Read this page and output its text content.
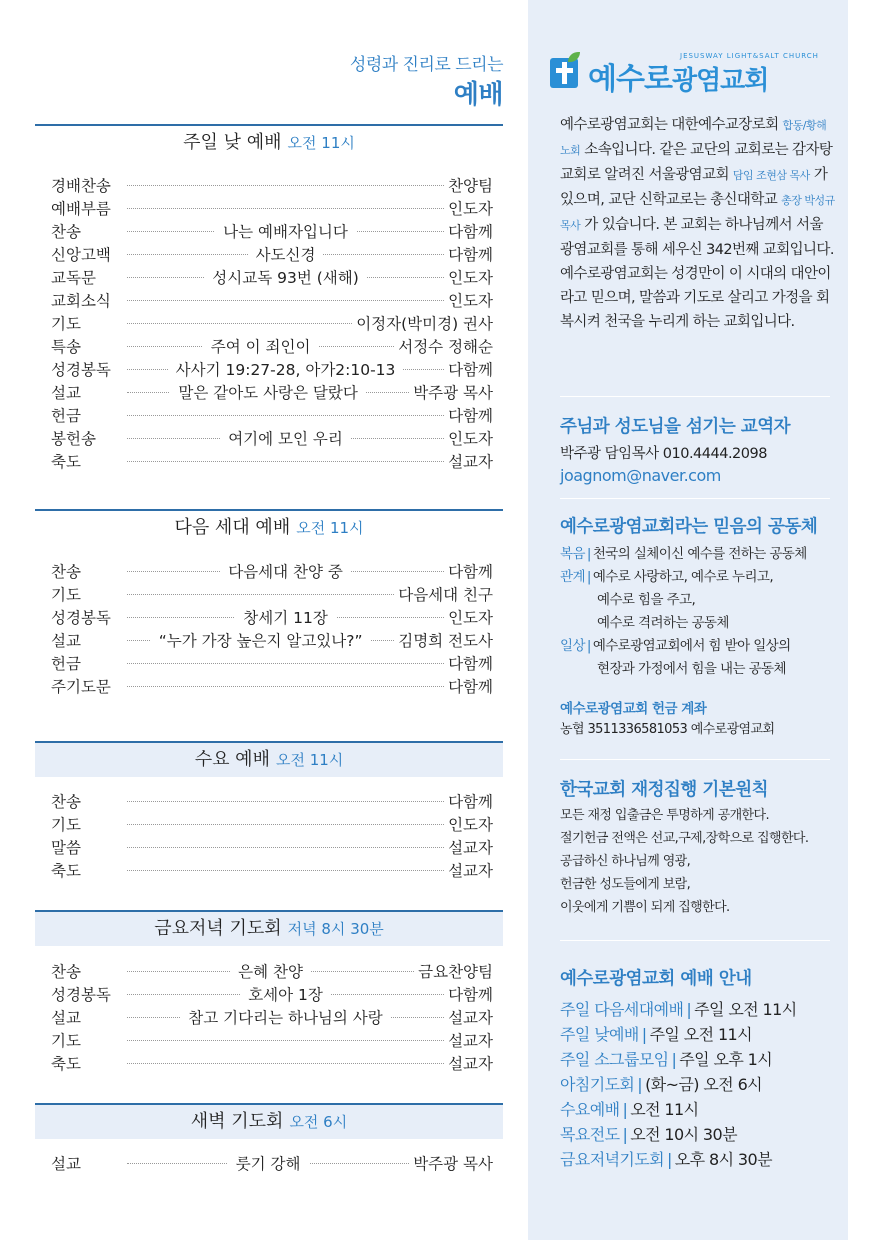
성령과 진리로 드리는
예배
주일 낮 예배 오전 11시
경배찬송	찬양팀
예배부름	인도자
찬송	나는 예배자입니다	다함께
신앙고백	사도신경	다함께
교독문	성시교독 93번 (새해)	인도자
교회소식	인도자
기도	이정자(박미경) 권사
특송	주여 이 죄인이	서정수 정해순
성경봉독	사사기 19:27-28, 아가2:10-13	다함께
설교	말은 같아도 사랑은 달랐다	박주광 목사
헌금	다함께
봉헌송	여기에 모인 우리	인도자
축도	설교자
다음 세대 예배 오전 11시
찬송	다음세대 찬양 중	다함께
기도	다음세대 친구
성경봉독	창세기 11장	인도자
설교	“누가 가장 높은지 알고있나?”	김명희 전도사
헌금	다함께
주기도문	다함께
수요 예배 오전 11시
찬송	다함께
기도	인도자
말씀	설교자
축도	설교자
금요저녁 기도회 저녁 8시 30분
찬송	은혜 찬양	금요찬양팀
성경봉독	호세아 1장	다함께
설교	참고 기다리는 하나님의 사랑	설교자
기도	설교자
축도	설교자
새벽 기도회 오전 6시
설교	룻기 강해	박주광 목사
예수로광염교회
JESUSWAY LIGHT&SALT CHURCH
예수로광염교회는 대한예수교장로회 합동/황해노회 소속입니다. 같은 교단의 교회로는 감자탕교회로 알려진 서울광염교회 담임 조현삼 목사 가 있으며, 교단 신학교로는 총신대학교 총장 박성규 목사 가 있습니다. 본 교회는 하나님께서 서울광염교회를 통해 세우신 342번째 교회입니다.
예수로광염교회는 성경만이 이 시대의 대안이라고 믿으며, 말씀과 기도로 살리고 가정을 회복시켜 천국을 누리게 하는 교회입니다.
주님과 성도님을 섬기는 교역자
박주광 담임목사 010.4444.2098
joagnom@naver.com
예수로광염교회라는 믿음의 공동체
복음 | 천국의 실체이신 예수를 전하는 공동체
관계 | 예수로 사랑하고, 예수로 누리고,
예수로 힘을 주고,
예수로 격려하는 공동체
일상 | 예수로광염교회에서 힘 받아 일상의
현장과 가정에서 힘을 내는 공동체
예수로광염교회 헌금 계좌
농협 3511336581053 예수로광염교회
한국교회 재정집행 기본원칙
모든 재정 입출금은 투명하게 공개한다.
절기헌금 전액은 선교,구제,장학으로 집행한다.
공급하신 하나님께 영광,
헌금한 성도들에게 보람,
이웃에게 기쁨이 되게 집행한다.
예수로광염교회 예배 안내
주일 다음세대예배 | 주일 오전 11시
주일 낮예배 | 주일 오전 11시
주일 소그룹모임 | 주일 오후 1시
아침기도회 | (화~금) 오전 6시
수요예배 | 오전 11시
목요전도 | 오전 10시 30분
금요저녁기도회 | 오후 8시 30분
